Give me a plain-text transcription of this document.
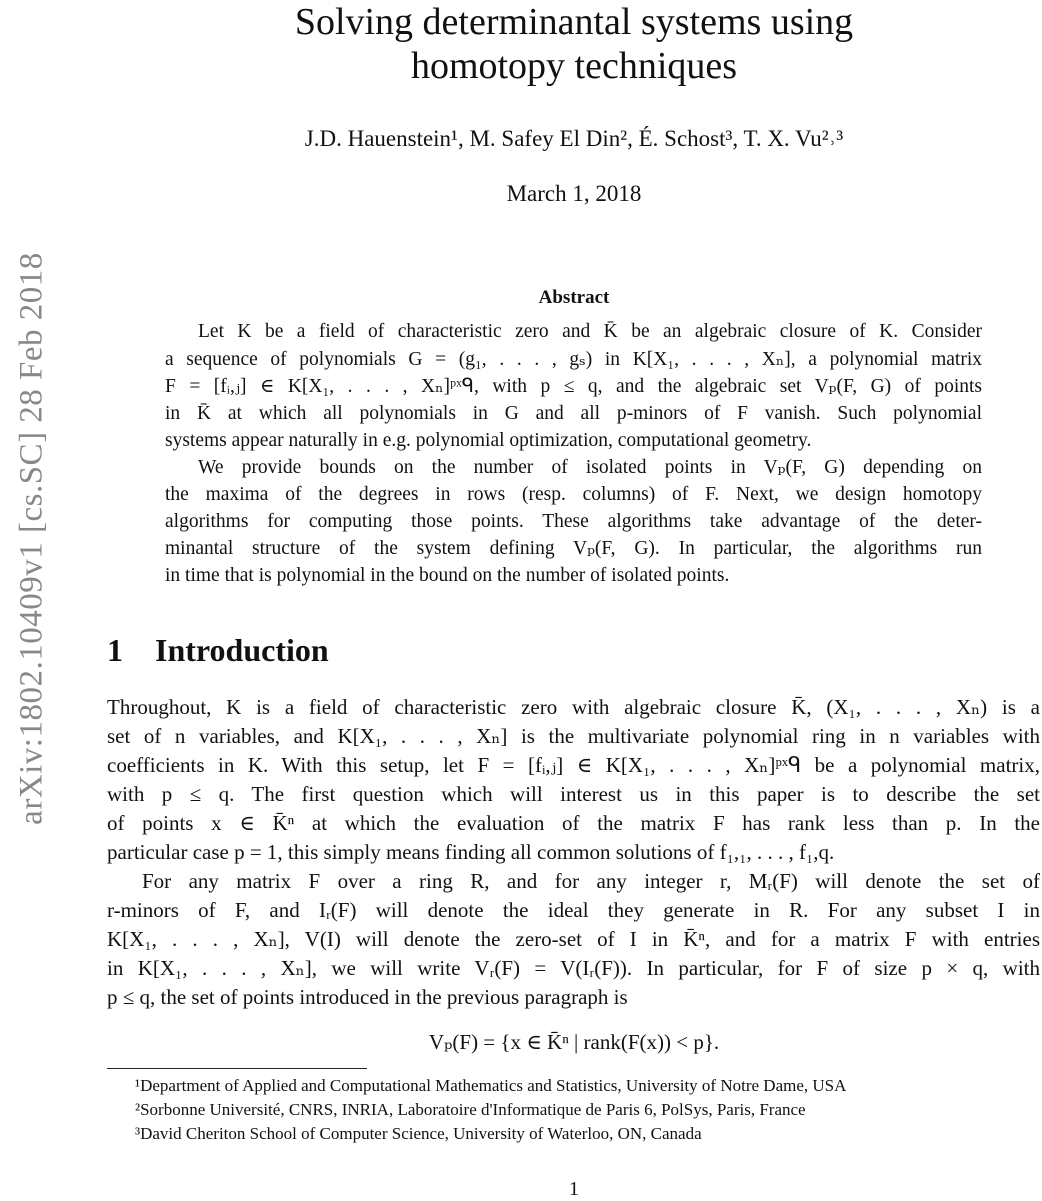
arXiv:1802.10409v1 [cs.SC] 28 Feb 2018
Solving determinantal systems using
homotopy techniques
J.D. Hauenstein¹, M. Safey El Din², É. Schost³, T. X. Vu²˒³
March 1, 2018
Abstract
Let K be a field of characteristic zero and K̄ be an algebraic closure of K. Consider
a sequence of polynomials G = (g₁, . . . , gₛ) in K[X₁, . . . , Xₙ], a polynomial matrix
F = [fᵢ,ⱼ] ∈ K[X₁, . . . , Xₙ]ᵖˣᑫ, with p ≤ q, and the algebraic set Vₚ(F, G) of points
in K̄ at which all polynomials in G and all p-minors of F vanish. Such polynomial
systems appear naturally in e.g. polynomial optimization, computational geometry.
We provide bounds on the number of isolated points in Vₚ(F, G) depending on
the maxima of the degrees in rows (resp. columns) of F. Next, we design homotopy
algorithms for computing those points. These algorithms take advantage of the deter-
minantal structure of the system defining Vₚ(F, G). In particular, the algorithms run
in time that is polynomial in the bound on the number of isolated points.
1 Introduction
Throughout, K is a field of characteristic zero with algebraic closure K̄, (X₁, . . . , Xₙ) is a
set of n variables, and K[X₁, . . . , Xₙ] is the multivariate polynomial ring in n variables with
coefficients in K. With this setup, let F = [fᵢ,ⱼ] ∈ K[X₁, . . . , Xₙ]ᵖˣᑫ be a polynomial matrix,
with p ≤ q. The first question which will interest us in this paper is to describe the set
of points x ∈ K̄ⁿ at which the evaluation of the matrix F has rank less than p. In the
particular case p = 1, this simply means finding all common solutions of f₁,₁, . . . , f₁,q.
For any matrix F over a ring R, and for any integer r, Mᵣ(F) will denote the set of
r-minors of F, and Iᵣ(F) will denote the ideal they generate in R. For any subset I in
K[X₁, . . . , Xₙ], V(I) will denote the zero-set of I in K̄ⁿ, and for a matrix F with entries
in K[X₁, . . . , Xₙ], we will write Vᵣ(F) = V(Iᵣ(F)). In particular, for F of size p × q, with
p ≤ q, the set of points introduced in the previous paragraph is
Vₚ(F) = {x ∈ K̄ⁿ | rank(F(x)) < p}.
¹Department of Applied and Computational Mathematics and Statistics, University of Notre Dame, USA
²Sorbonne Université, CNRS, INRIA, Laboratoire d'Informatique de Paris 6, PolSys, Paris, France
³David Cheriton School of Computer Science, University of Waterloo, ON, Canada
1
